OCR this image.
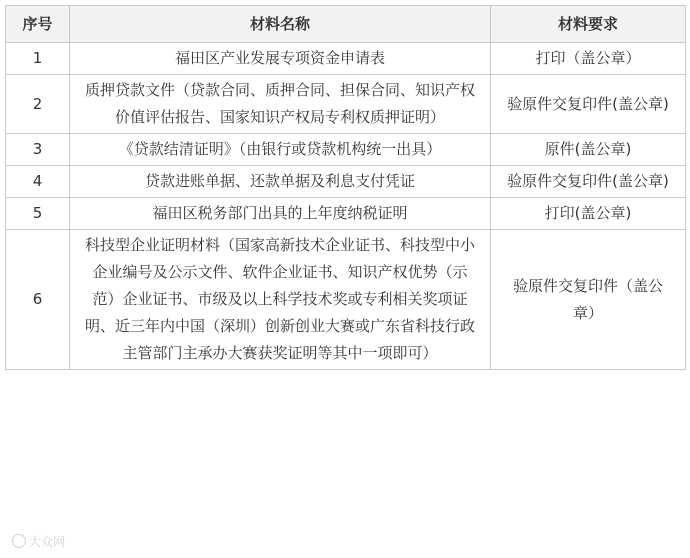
序号	材料名称	材料要求
1	福田区产业发展专项资金申请表	打印（盖公章）
2	质押贷款文件（贷款合同、质押合同、担保合同、知识产权价值评估报告、国家知识产权局专利权质押证明）	验原件交复印件(盖公章)
3	《贷款结清证明》（由银行或贷款机构统一出具）	原件(盖公章)
4	贷款进账单据、还款单据及利息支付凭证	验原件交复印件(盖公章)
5	福田区税务部门出具的上年度纳税证明	打印(盖公章)
6	科技型企业证明材料（国家高新技术企业证书、科技型中小企业编号及公示文件、软件企业证书、知识产权优势（示范）企业证书、市级及以上科学技术奖或专利相关奖项证明、近三年内中国（深圳）创新创业大赛或广东省科技行政主管部门主承办大赛获奖证明等其中一项即可）	验原件交复印件（盖公章）
大众网
